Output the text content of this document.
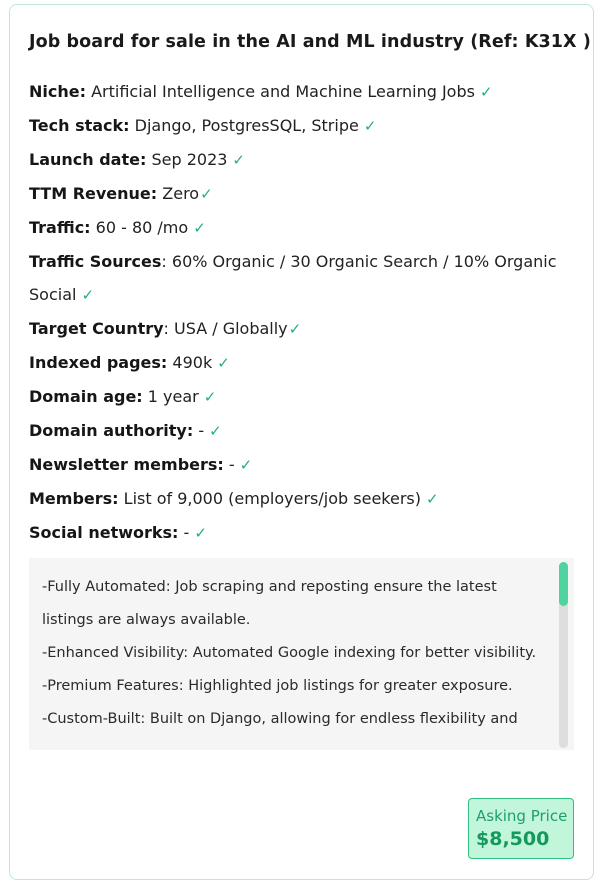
Job board for sale in the AI and ML industry (Ref: K31X )
Niche: Artificial Intelligence and Machine Learning Jobs ✓
Tech stack: Django, PostgresSQL, Stripe ✓
Launch date: Sep 2023 ✓
TTM Revenue: Zero✓
Traffic: 60 - 80 /mo ✓
Traffic Sources: 60% Organic / 30 Organic Search / 10% Organic Social ✓
Target Country: USA / Globally✓
Indexed pages: 490k ✓
Domain age: 1 year ✓
Domain authority: - ✓
Newsletter members: - ✓
Members: List of 9,000 (employers/job seekers) ✓
Social networks: - ✓
-Fully Automated: Job scraping and reposting ensure the latest listings are always available.
-Enhanced Visibility: Automated Google indexing for better visibility.
-Premium Features: Highlighted job listings for greater exposure.
-Custom-Built: Built on Django, allowing for endless flexibility and
Asking Price
$8,500
